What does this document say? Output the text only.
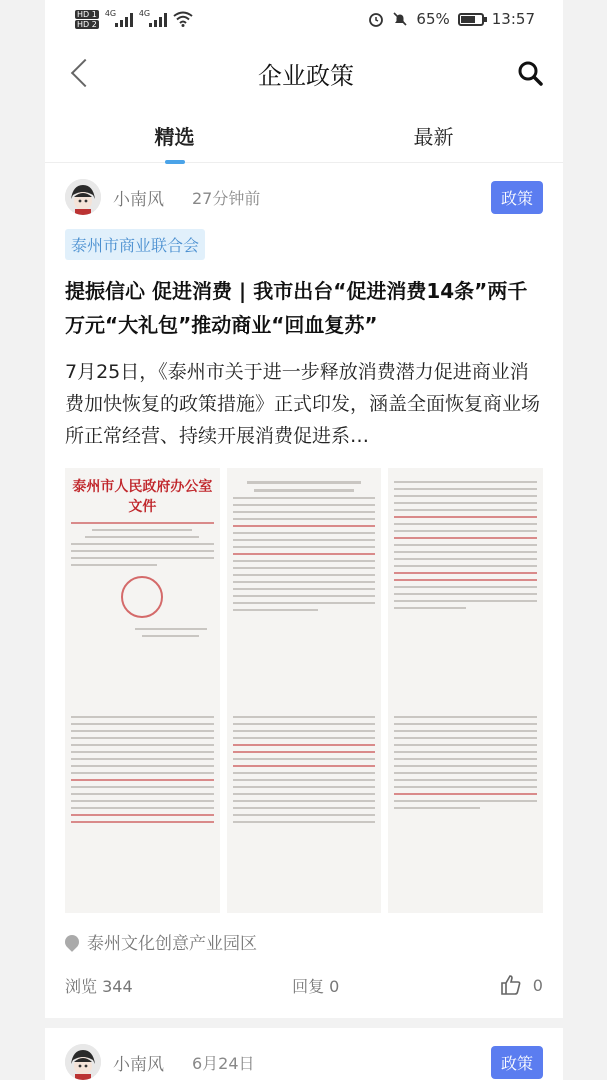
HD 1
HD 2
4G	4G	65%	13:57
企业政策
精选	最新
小南风 27分钟前	政策
泰州市商业联合会
提振信心 促进消费 | 我市出台“促进消费14条”两千万元“大礼包”推动商业“回血复苏”
7月25日，《泰州市关于进一步释放消费潜力促进商业消费加快恢复的政策措施》正式印发，涵盖全面恢复商业场所正常经营、持续开展消费促进系…
泰州市人民政府办公室文件
泰州文化创意产业园区
浏览 344	回复 0	0
小南风 6月24日	政策
